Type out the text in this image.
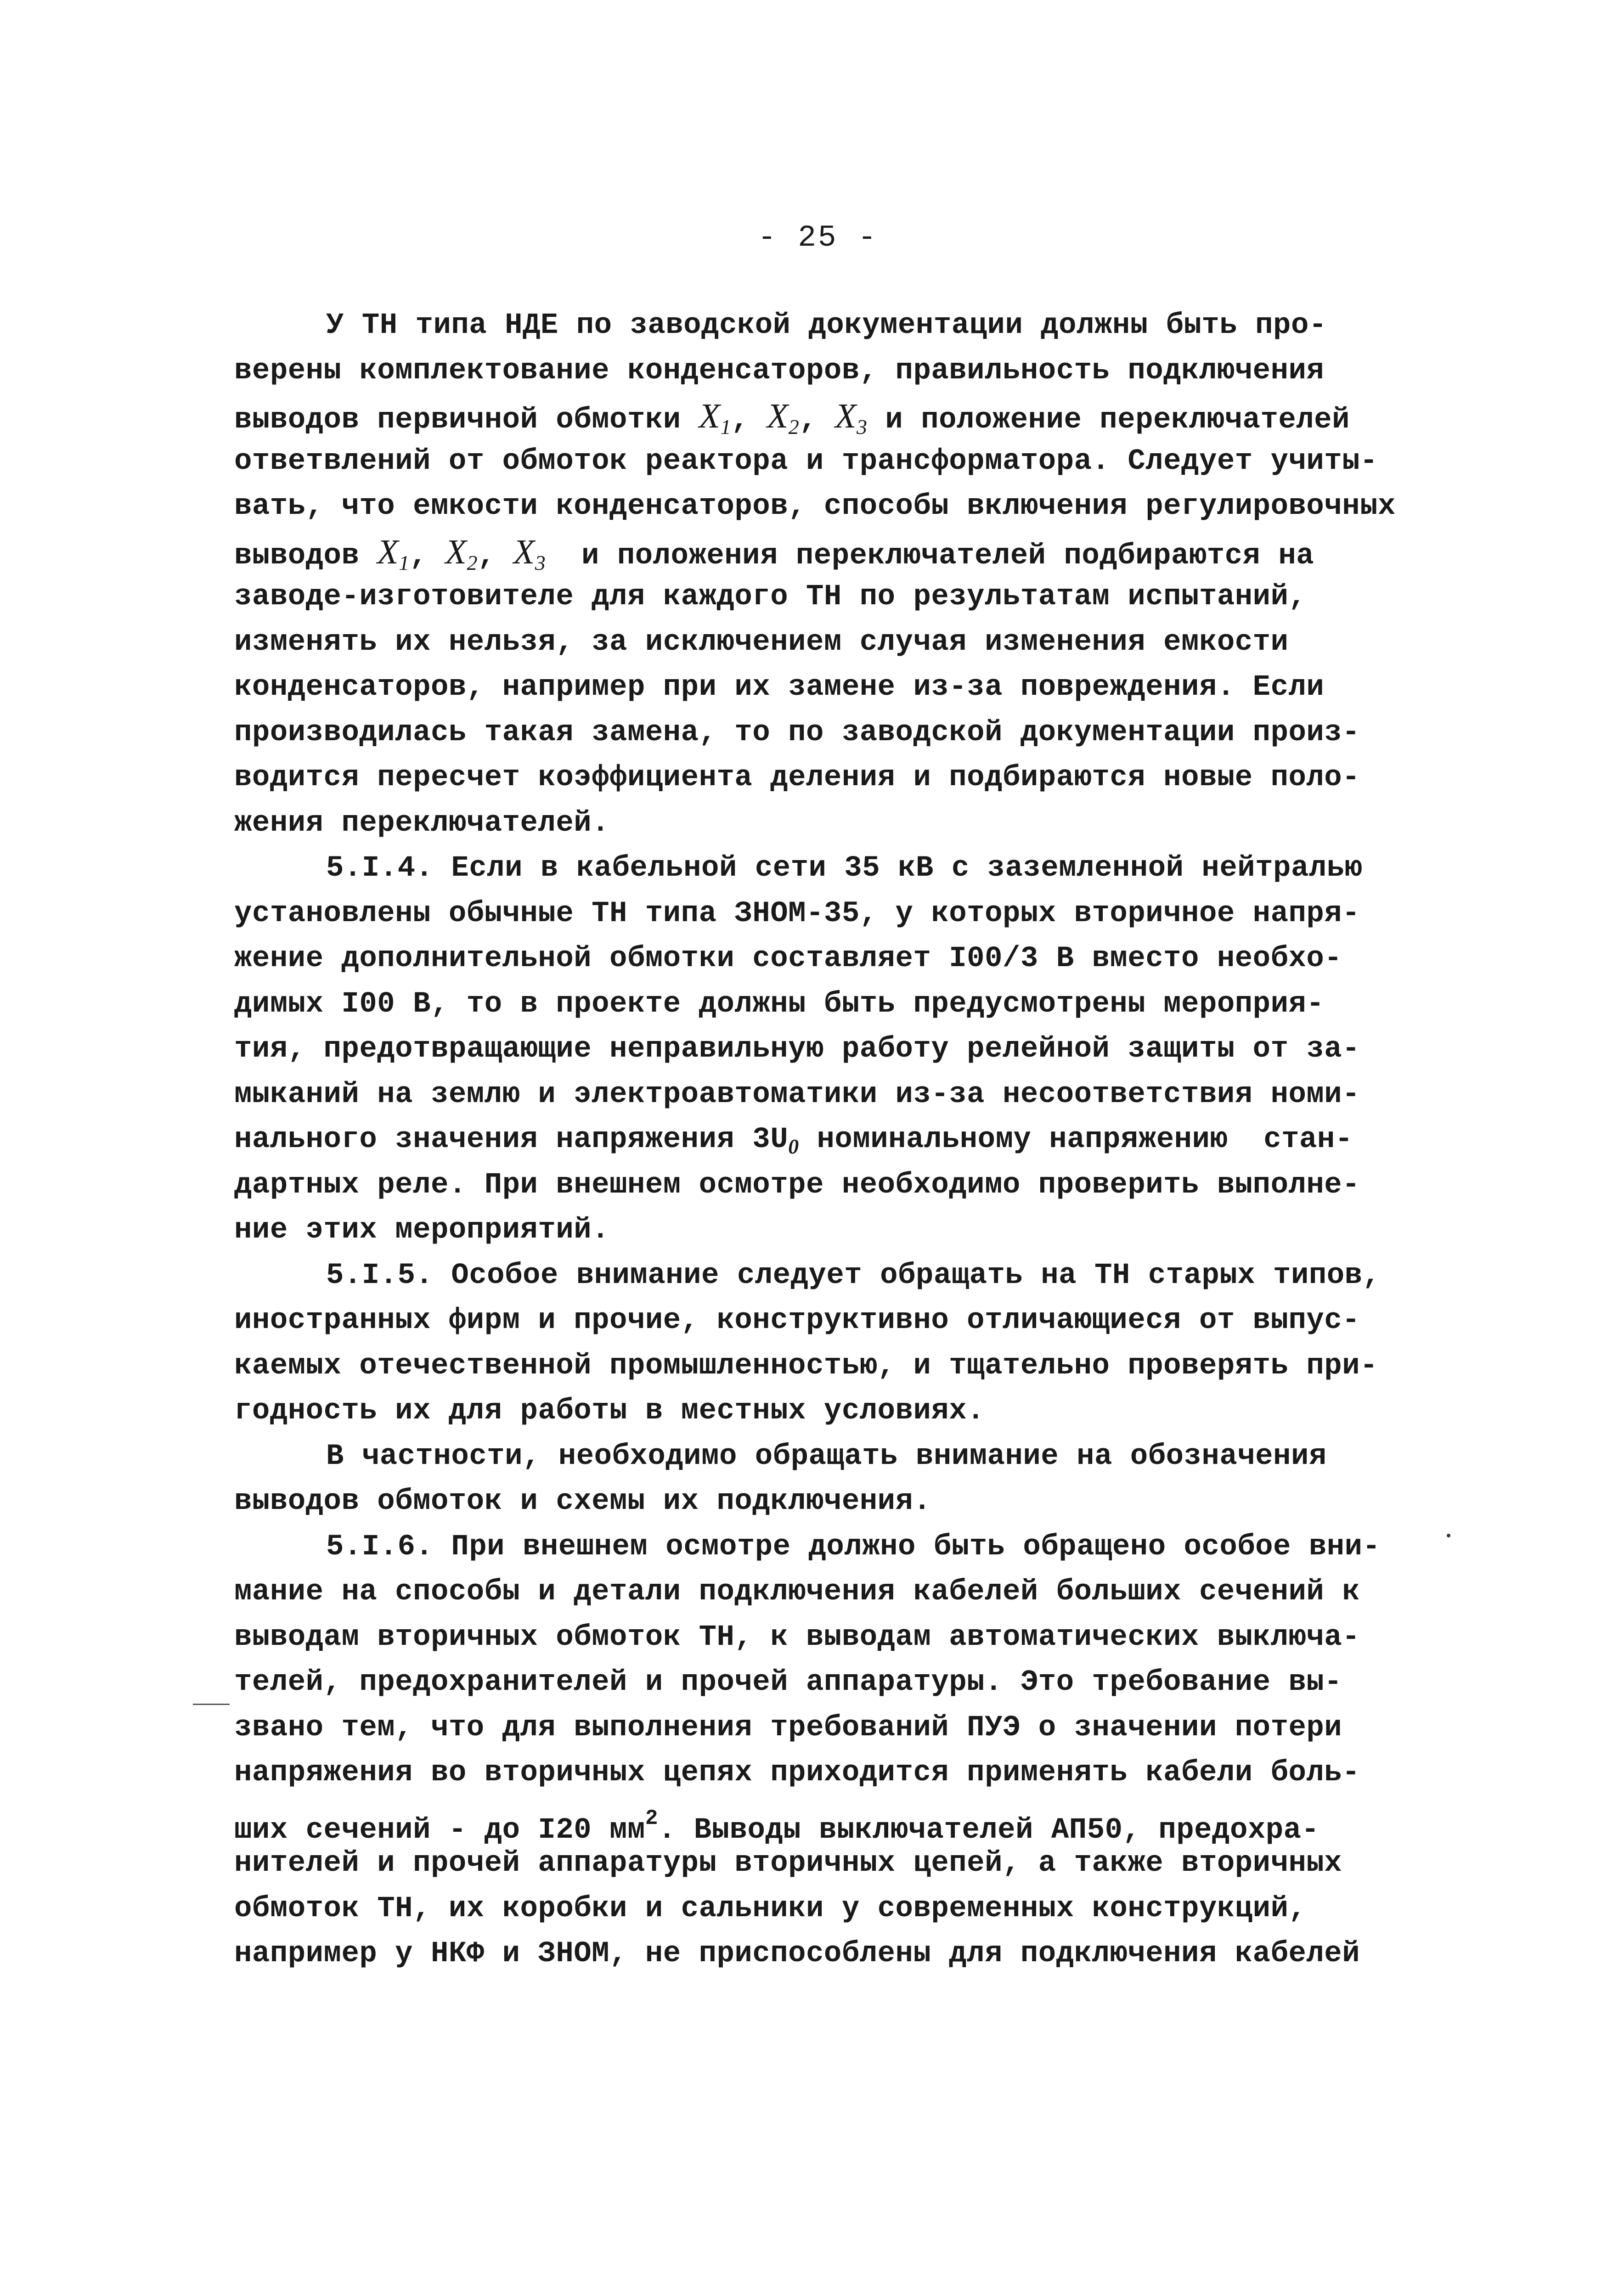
- 25 -
У ТН типа НДЕ по заводской документации должны быть про-
верены комплектование конденсаторов, правильность подключения
выводов первичной обмотки $X_1$, $X_2$, $X_3$ и положение переключателей
ответвлений от обмоток реактора и трансформатора. Следует учиты-
вать, что емкости конденсаторов, способы включения регулировочных
выводов $X_1$, $X_2$, $X_3$  и положения переключателей подбираются на
заводе-изготовителе для каждого ТН по результатам испытаний,
изменять их нельзя, за исключением случая изменения емкости
конденсаторов, например при их замене из-за повреждения. Если
производилась такая замена, то по заводской документации произ-
водится пересчет коэффициента деления и подбираются новые поло-
жения переключателей.
5.I.4. Если в кабельной сети 35 кВ с заземленной нейтралью
установлены обычные ТН типа ЗНОМ-35, у которых вторичное напря-
жение дополнительной обмотки составляет I00/3 В вместо необхо-
димых I00 В, то в проекте должны быть предусмотрены мероприя-
тия, предотвращающие неправильную работу релейной защиты от за-
мыканий на землю и электроавтоматики из-за несоответствия номи-
нального значения напряжения $3U_0$ номинальному напряжению  стан-
дартных реле. При внешнем осмотре необходимо проверить выполне-
ние этих мероприятий.
5.I.5. Особое внимание следует обращать на ТН старых типов,
иностранных фирм и прочие, конструктивно отличающиеся от выпус-
каемых отечественной промышленностью, и тщательно проверять при-
годность их для работы в местных условиях.
В частности, необходимо обращать внимание на обозначения
выводов обмоток и схемы их подключения.
5.I.6. При внешнем осмотре должно быть обращено особое вни-
мание на способы и детали подключения кабелей больших сечений к
выводам вторичных обмоток ТН, к выводам автоматических выключа-
телей, предохранителей и прочей аппаратуры. Это требование вы-
звано тем, что для выполнения требований ПУЭ о значении потери
напряжения во вторичных цепях приходится применять кабели боль-
ших сечений - до I20 $мм^2$. Выводы выключателей АП50, предохра-
нителей и прочей аппаратуры вторичных цепей, а также вторичных
обмоток ТН, их коробки и сальники у современных конструкций,
например у НКФ и ЗНОМ, не приспособлены для подключения кабелей
